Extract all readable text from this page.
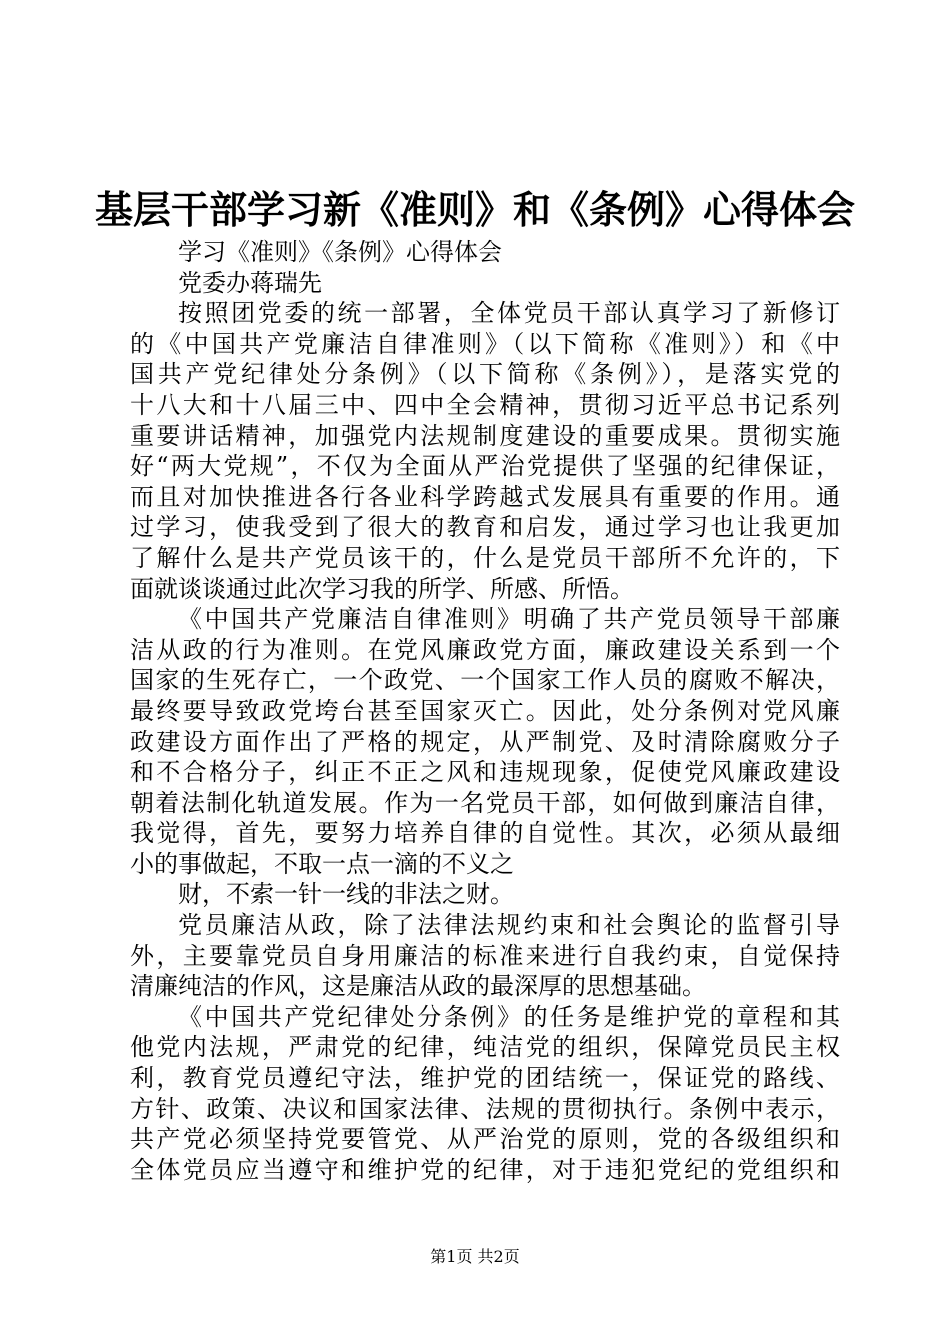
基层干部学习新《准则》和《条例》心得体会
学习《准则》《条例》心得体会
党委办蒋瑞先
按照团党委的统一部署，全体党员干部认真学习了新修订
的《中国共产党廉洁自律准则》（以下简称《准则》）和《中
国共产党纪律处分条例》（以下简称《条例》），是落实党的
十八大和十八届三中、四中全会精神，贯彻习近平总书记系列
重要讲话精神，加强党内法规制度建设的重要成果。贯彻实施
好“两大党规”，不仅为全面从严治党提供了坚强的纪律保证，
而且对加快推进各行各业科学跨越式发展具有重要的作用。通
过学习，使我受到了很大的教育和启发，通过学习也让我更加
了解什么是共产党员该干的，什么是党员干部所不允许的，下
面就谈谈通过此次学习我的所学、所感、所悟。
《中国共产党廉洁自律准则》明确了共产党员领导干部廉
洁从政的行为准则。在党风廉政党方面，廉政建设关系到一个
国家的生死存亡，一个政党、一个国家工作人员的腐败不解决，
最终要导致政党垮台甚至国家灭亡。因此，处分条例对党风廉
政建设方面作出了严格的规定，从严制党、及时清除腐败分子
和不合格分子，纠正不正之风和违规现象，促使党风廉政建设
朝着法制化轨道发展。作为一名党员干部，如何做到廉洁自律，
我觉得，首先，要努力培养自律的自觉性。其次，必须从最细
小的事做起，不取一点一滴的不义之
财，不索一针一线的非法之财。
党员廉洁从政，除了法律法规约束和社会舆论的监督引导
外，主要靠党员自身用廉洁的标准来进行自我约束，自觉保持
清廉纯洁的作风，这是廉洁从政的最深厚的思想基础。
《中国共产党纪律处分条例》的任务是维护党的章程和其
他党内法规，严肃党的纪律，纯洁党的组织，保障党员民主权
利，教育党员遵纪守法，维护党的团结统一，保证党的路线、
方针、政策、决议和国家法律、法规的贯彻执行。条例中表示，
共产党必须坚持党要管党、从严治党的原则，党的各级组织和
全体党员应当遵守和维护党的纪律，对于违犯党纪的党组织和
第1页 共2页
